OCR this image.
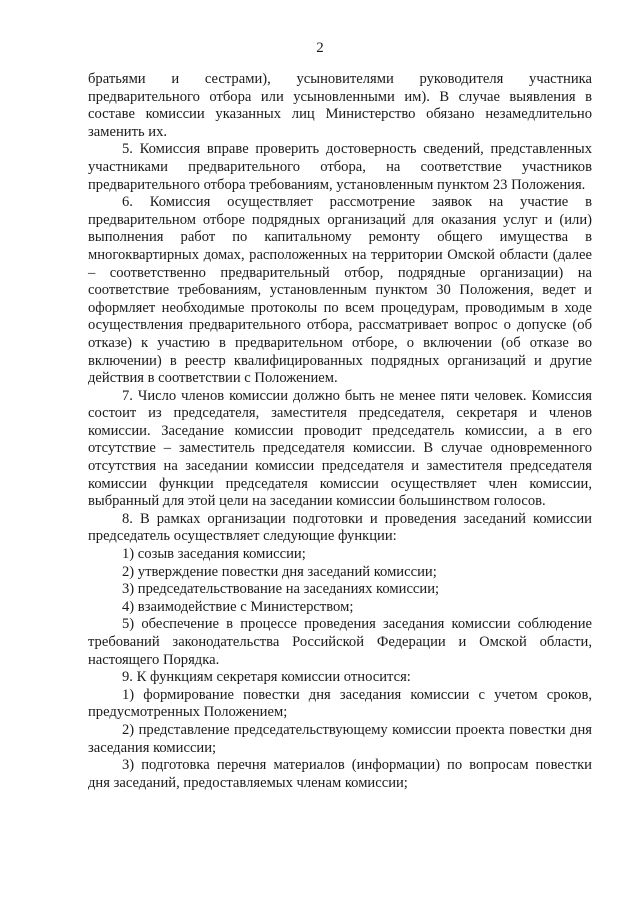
2

братьями и сестрами), усыновителями руководителя участника предварительного отбора или усыновленными им). В случае выявления в составе комиссии указанных лиц Министерство обязано незамедлительно заменить их.

5. Комиссия вправе проверить достоверность сведений, представленных участниками предварительного отбора, на соответствие участников предварительного отбора требованиям, установленным пунктом 23 Положения.

6. Комиссия осуществляет рассмотрение заявок на участие в предварительном отборе подрядных организаций для оказания услуг и (или) выполнения работ по капитальному ремонту общего имущества в многоквартирных домах, расположенных на территории Омской области (далее – соответственно предварительный отбор, подрядные организации) на соответствие требованиям, установленным пунктом 30 Положения, ведет и оформляет необходимые протоколы по всем процедурам, проводимым в ходе осуществления предварительного отбора, рассматривает вопрос о допуске (об отказе) к участию в предварительном отборе, о включении (об отказе во включении) в реестр квалифицированных подрядных организаций и другие действия в соответствии с Положением.

7. Число членов комиссии должно быть не менее пяти человек. Комиссия состоит из председателя, заместителя председателя, секретаря и членов комиссии. Заседание комиссии проводит председатель комиссии, а в его отсутствие – заместитель председателя комиссии. В случае одновременного отсутствия на заседании комиссии председателя и заместителя председателя комиссии функции председателя комиссии осуществляет член комиссии, выбранный для этой цели на заседании комиссии большинством голосов.

8. В рамках организации подготовки и проведения заседаний комиссии председатель осуществляет следующие функции:

1) созыв заседания комиссии;

2) утверждение повестки дня заседаний комиссии;

3) председательствование на заседаниях комиссии;

4) взаимодействие с Министерством;

5) обеспечение в процессе проведения заседания комиссии соблюдение требований законодательства Российской Федерации и Омской области, настоящего Порядка.

9. К функциям секретаря комиссии относится:

1) формирование повестки дня заседания комиссии с учетом сроков, предусмотренных Положением;

2) представление председательствующему комиссии проекта повестки дня заседания комиссии;

3) подготовка перечня материалов (информации) по вопросам повестки дня заседаний, предоставляемых членам комиссии;
